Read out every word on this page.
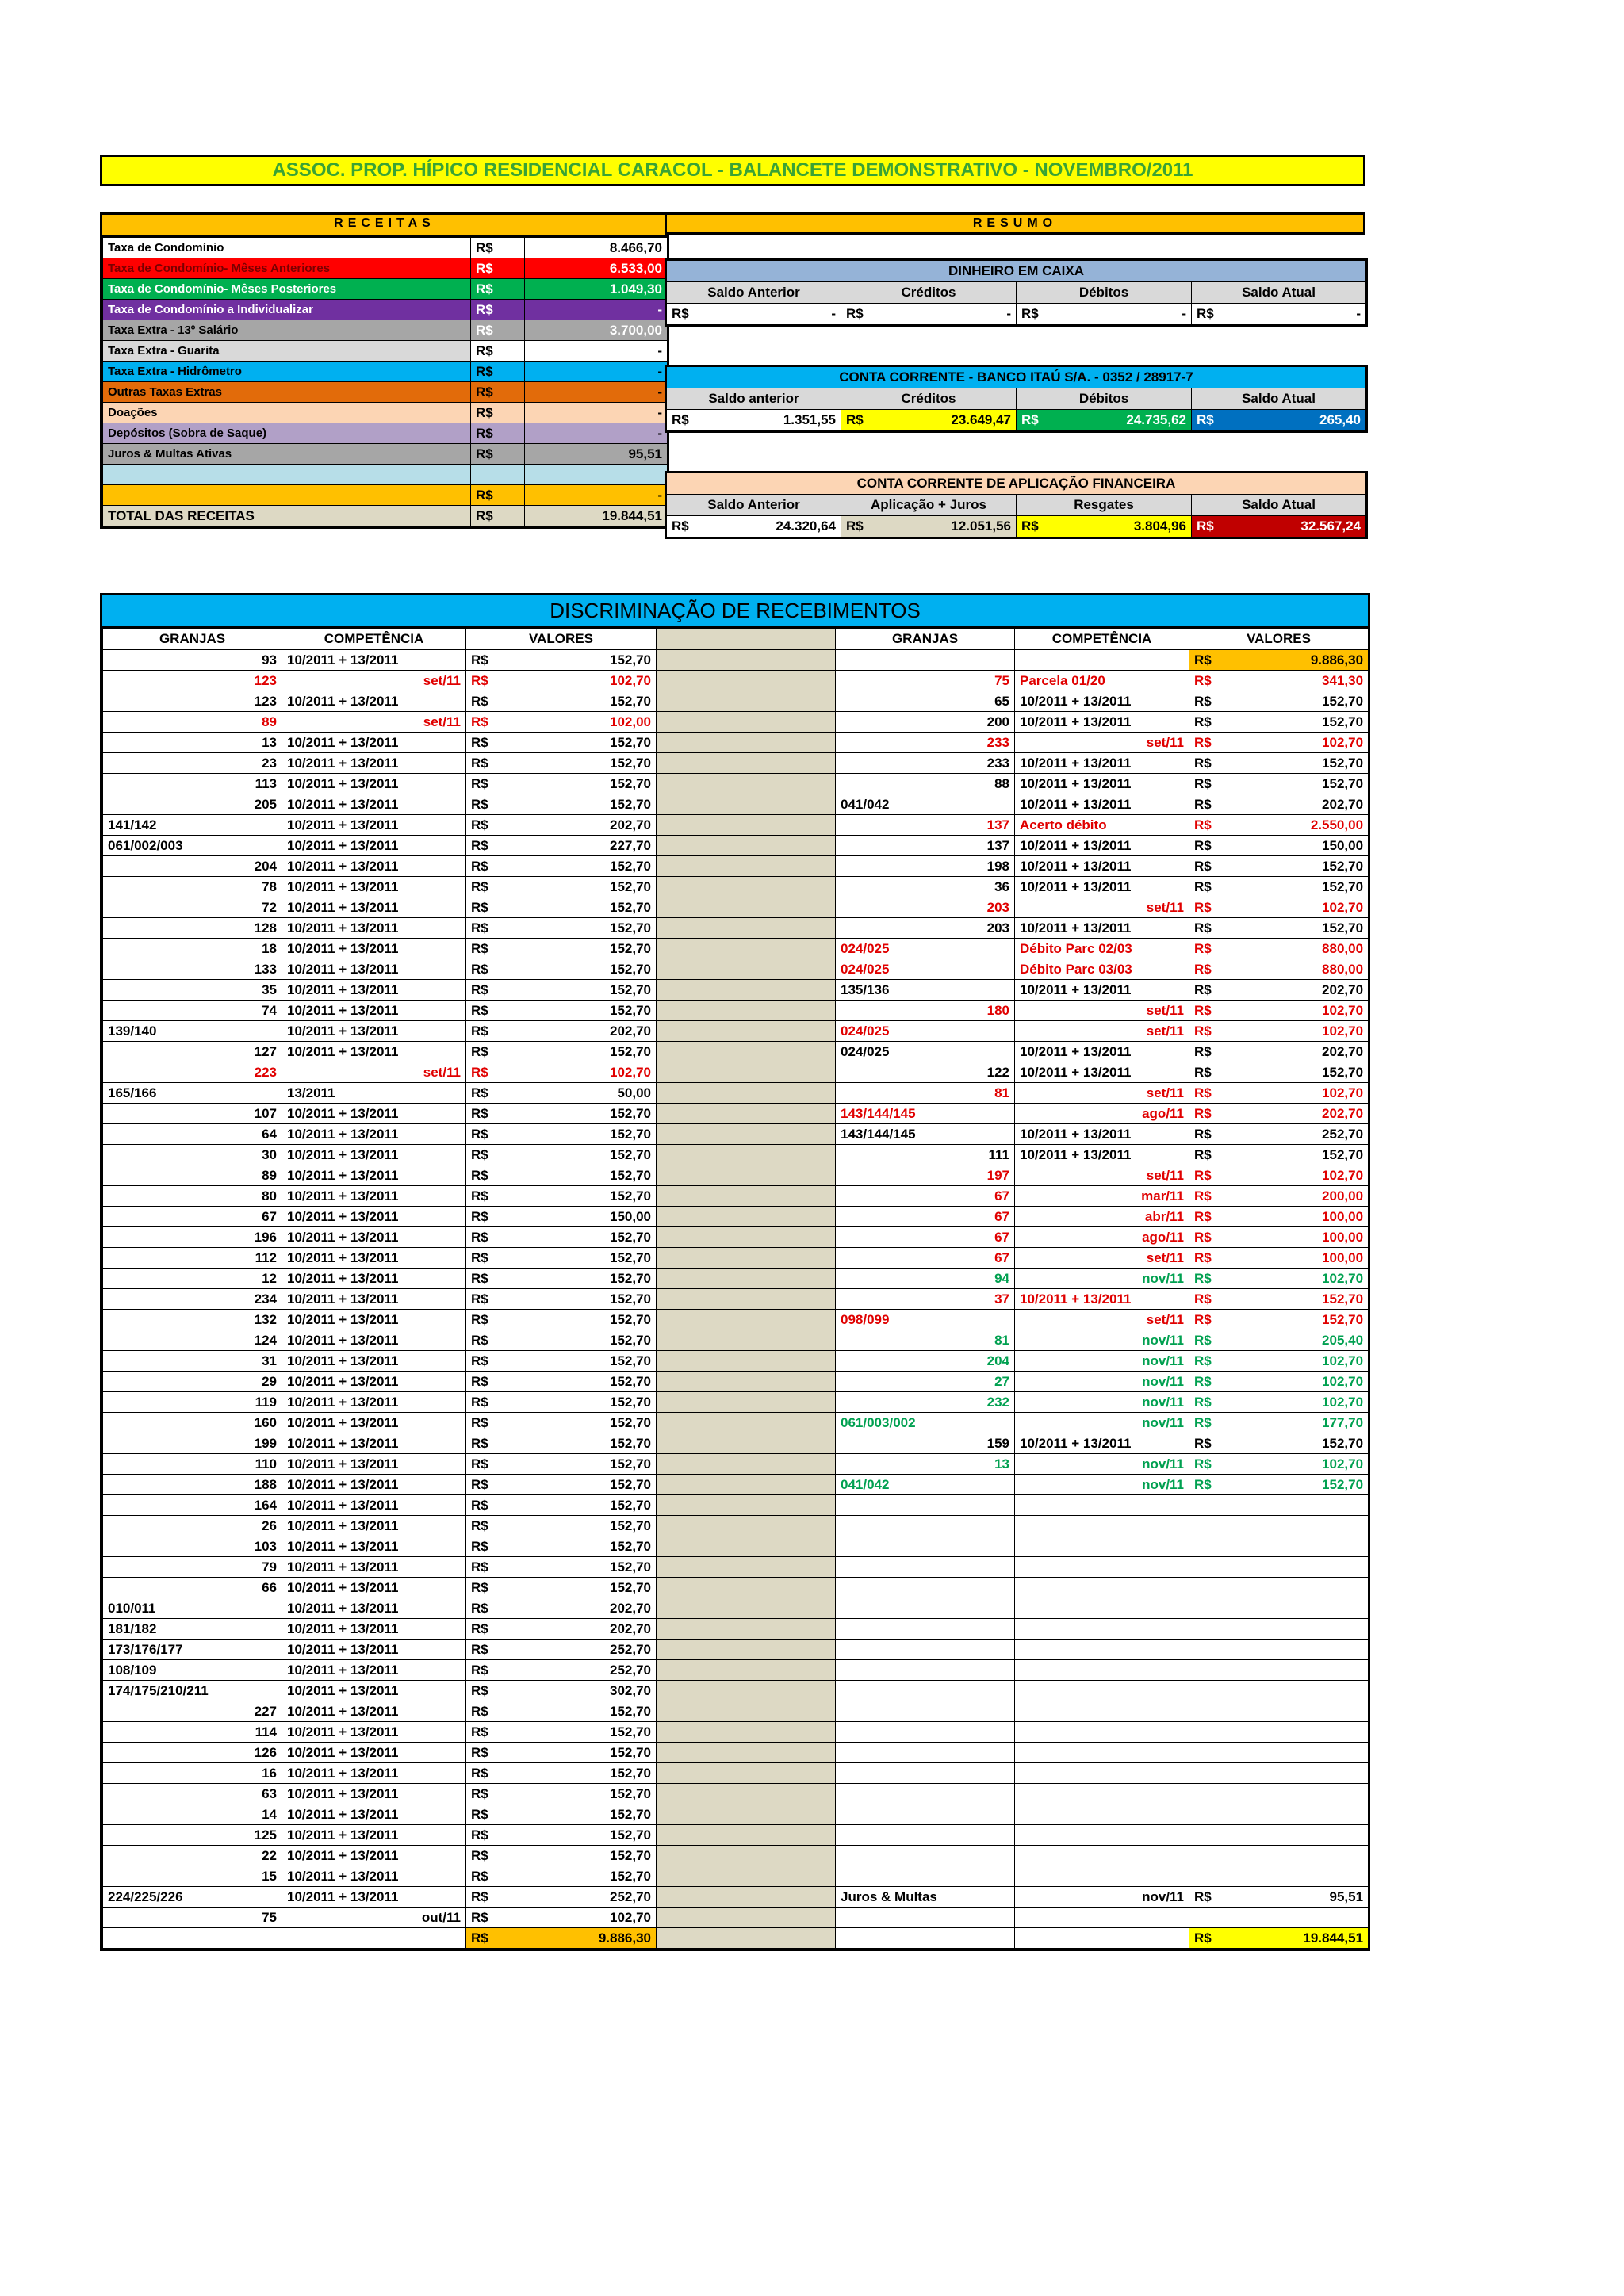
ASSOC. PROP. HÍPICO RESIDENCIAL CARACOL - BALANCETE DEMONSTRATIVO - NOVEMBRO/2011
RECEITAS
Taxa de Condomínio	R$	8.466,70
Taxa de Condomínio- Mêses Anteriores	R$	6.533,00
Taxa de Condomínio- Mêses Posteriores	R$	1.049,30
Taxa de Condomínio a Individualizar	R$	-
Taxa Extra - 13º Salário	R$	3.700,00
Taxa Extra - Guarita	R$	-
Taxa Extra - Hidrômetro	R$	-
Outras Taxas Extras	R$	-
Doações	R$	-
Depósitos (Sobra de Saque)	R$	-
Juros & Multas Ativas	R$	95,51

	R$	-
TOTAL DAS RECEITAS	R$	19.844,51
RESUMO
DINHEIRO EM CAIXA			
Saldo Anterior	Créditos	Débitos	Saldo Atual

R$ -	R$ -	R$ -	R$ -
CONTA CORRENTE - BANCO ITAÚ S/A. - 0352 / 28917-7			
Saldo anterior	Créditos	Débitos	Saldo Atual

R$ 1.351,55	R$ 23.649,47	R$ 24.735,62	R$ 265,40
CONTA CORRENTE DE APLICAÇÃO FINANCEIRA			
Saldo Anterior	Aplicação + Juros	Resgates	Saldo Atual

R$ 24.320,64	R$ 12.051,56	R$ 3.804,96	R$ 32.567,24
DISCRIMINAÇÃO DE RECEBIMENTOS
GRANJAS	COMPETÊNCIA	VALORES			GRANJAS	COMPETÊNCIA	VALORES	
93	10/2011 + 13/2011	R$	152,70				R$	9.886,30
123	set/11	R$	102,70		75	Parcela 01/20	R$	341,30
123	10/2011 + 13/2011	R$	152,70		65	10/2011 + 13/2011	R$	152,70
89	set/11	R$	102,00		200	10/2011 + 13/2011	R$	152,70
13	10/2011 + 13/2011	R$	152,70		233	set/11	R$	102,70
23	10/2011 + 13/2011	R$	152,70		233	10/2011 + 13/2011	R$	152,70
113	10/2011 + 13/2011	R$	152,70		88	10/2011 + 13/2011	R$	152,70
205	10/2011 + 13/2011	R$	152,70		041/042	10/2011 + 13/2011	R$	202,70
141/142	10/2011 + 13/2011	R$	202,70		137	Acerto débito	R$	2.550,00
061/002/003	10/2011 + 13/2011	R$	227,70		137	10/2011 + 13/2011	R$	150,00
204	10/2011 + 13/2011	R$	152,70		198	10/2011 + 13/2011	R$	152,70
78	10/2011 + 13/2011	R$	152,70		36	10/2011 + 13/2011	R$	152,70
72	10/2011 + 13/2011	R$	152,70		203	set/11	R$	102,70
128	10/2011 + 13/2011	R$	152,70		203	10/2011 + 13/2011	R$	152,70
18	10/2011 + 13/2011	R$	152,70		024/025	Débito Parc 02/03	R$	880,00
133	10/2011 + 13/2011	R$	152,70		024/025	Débito Parc 03/03	R$	880,00
35	10/2011 + 13/2011	R$	152,70		135/136	10/2011 + 13/2011	R$	202,70
74	10/2011 + 13/2011	R$	152,70		180	set/11	R$	102,70
139/140	10/2011 + 13/2011	R$	202,70		024/025	set/11	R$	102,70
127	10/2011 + 13/2011	R$	152,70		024/025	10/2011 + 13/2011	R$	202,70
223	set/11	R$	102,70		122	10/2011 + 13/2011	R$	152,70
165/166	13/2011	R$	50,00		81	set/11	R$	102,70
107	10/2011 + 13/2011	R$	152,70		143/144/145	ago/11	R$	202,70
64	10/2011 + 13/2011	R$	152,70		143/144/145	10/2011 + 13/2011	R$	252,70
30	10/2011 + 13/2011	R$	152,70		111	10/2011 + 13/2011	R$	152,70
89	10/2011 + 13/2011	R$	152,70		197	set/11	R$	102,70
80	10/2011 + 13/2011	R$	152,70		67	mar/11	R$	200,00
67	10/2011 + 13/2011	R$	150,00		67	abr/11	R$	100,00
196	10/2011 + 13/2011	R$	152,70		67	ago/11	R$	100,00
112	10/2011 + 13/2011	R$	152,70		67	set/11	R$	100,00
12	10/2011 + 13/2011	R$	152,70		94	nov/11	R$	102,70
234	10/2011 + 13/2011	R$	152,70		37	10/2011 + 13/2011	R$	152,70
132	10/2011 + 13/2011	R$	152,70		098/099	set/11	R$	152,70
124	10/2011 + 13/2011	R$	152,70		81	nov/11	R$	205,40
31	10/2011 + 13/2011	R$	152,70		204	nov/11	R$	102,70
29	10/2011 + 13/2011	R$	152,70		27	nov/11	R$	102,70
119	10/2011 + 13/2011	R$	152,70		232	nov/11	R$	102,70
160	10/2011 + 13/2011	R$	152,70		061/003/002	nov/11	R$	177,70
199	10/2011 + 13/2011	R$	152,70		159	10/2011 + 13/2011	R$	152,70
110	10/2011 + 13/2011	R$	152,70		13	nov/11	R$	102,70
188	10/2011 + 13/2011	R$	152,70		041/042	nov/11	R$	152,70
164	10/2011 + 13/2011	R$	152,70					
26	10/2011 + 13/2011	R$	152,70					
103	10/2011 + 13/2011	R$	152,70					
79	10/2011 + 13/2011	R$	152,70					
66	10/2011 + 13/2011	R$	152,70					
010/011	10/2011 + 13/2011	R$	202,70					
181/182	10/2011 + 13/2011	R$	202,70					
173/176/177	10/2011 + 13/2011	R$	252,70					
108/109	10/2011 + 13/2011	R$	252,70					
174/175/210/211	10/2011 + 13/2011	R$	302,70					
227	10/2011 + 13/2011	R$	152,70					
114	10/2011 + 13/2011	R$	152,70					
126	10/2011 + 13/2011	R$	152,70					
16	10/2011 + 13/2011	R$	152,70					
63	10/2011 + 13/2011	R$	152,70					
14	10/2011 + 13/2011	R$	152,70					
125	10/2011 + 13/2011	R$	152,70					
22	10/2011 + 13/2011	R$	152,70					
15	10/2011 + 13/2011	R$	152,70					
224/225/226	10/2011 + 13/2011	R$	252,70		Juros & Multas	nov/11	R$	95,51
75	out/11	R$	102,70					
		R$	9.886,30				R$	19.844,51
